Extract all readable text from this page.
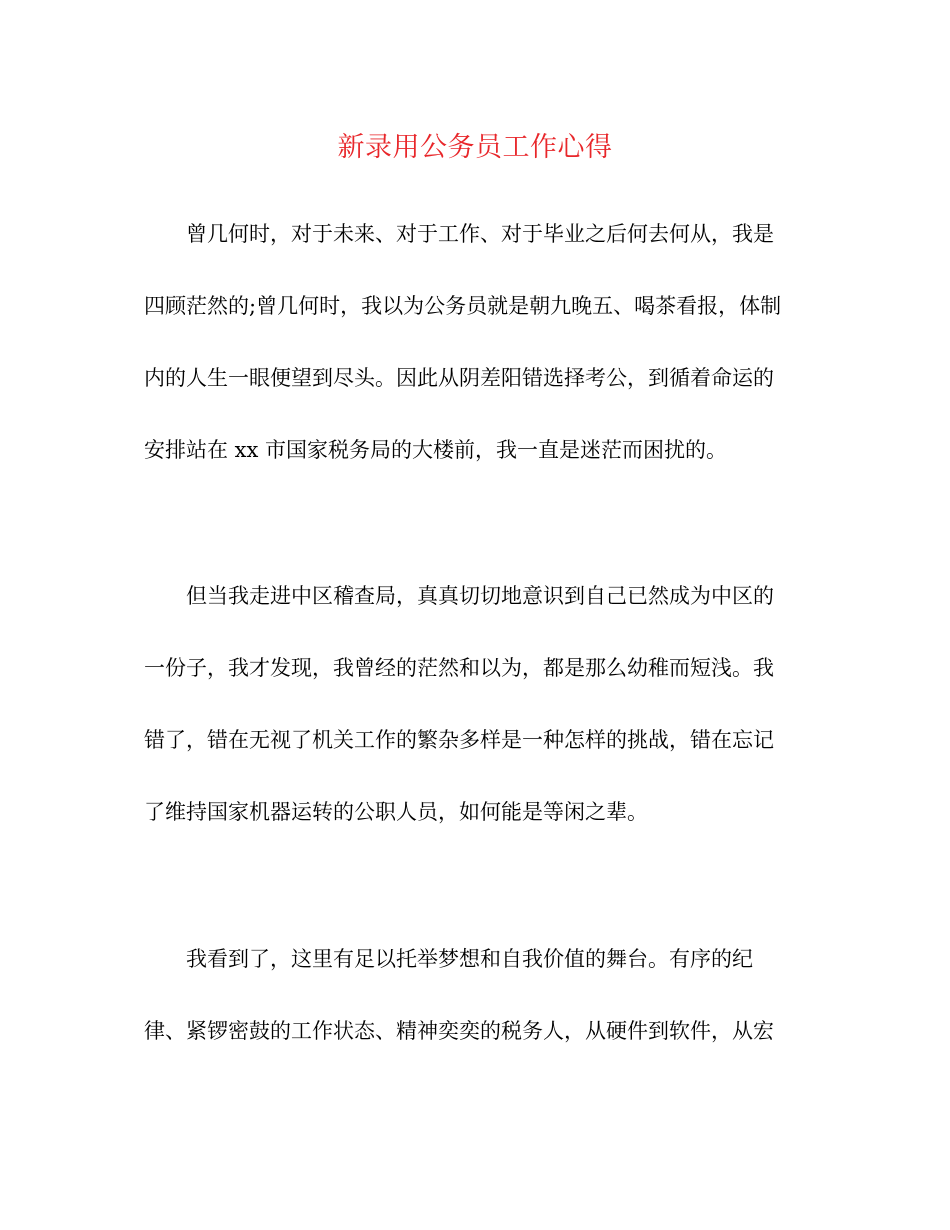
新录用公务员工作心得
曾几何时，对于未来、对于工作、对于毕业之后何去何从，我是
四顾茫然的;曾几何时，我以为公务员就是朝九晚五、喝茶看报，体制
内的人生一眼便望到尽头。因此从阴差阳错选择考公，到循着命运的
安排站在 xx 市国家税务局的大楼前，我一直是迷茫而困扰的。
但当我走进中区稽查局，真真切切地意识到自己已然成为中区的
一份子，我才发现，我曾经的茫然和以为，都是那么幼稚而短浅。我
错了，错在无视了机关工作的繁杂多样是一种怎样的挑战，错在忘记
了维持国家机器运转的公职人员，如何能是等闲之辈。
我看到了，这里有足以托举梦想和自我价值的舞台。有序的纪
律、紧锣密鼓的工作状态、精神奕奕的税务人，从硬件到软件，从宏
